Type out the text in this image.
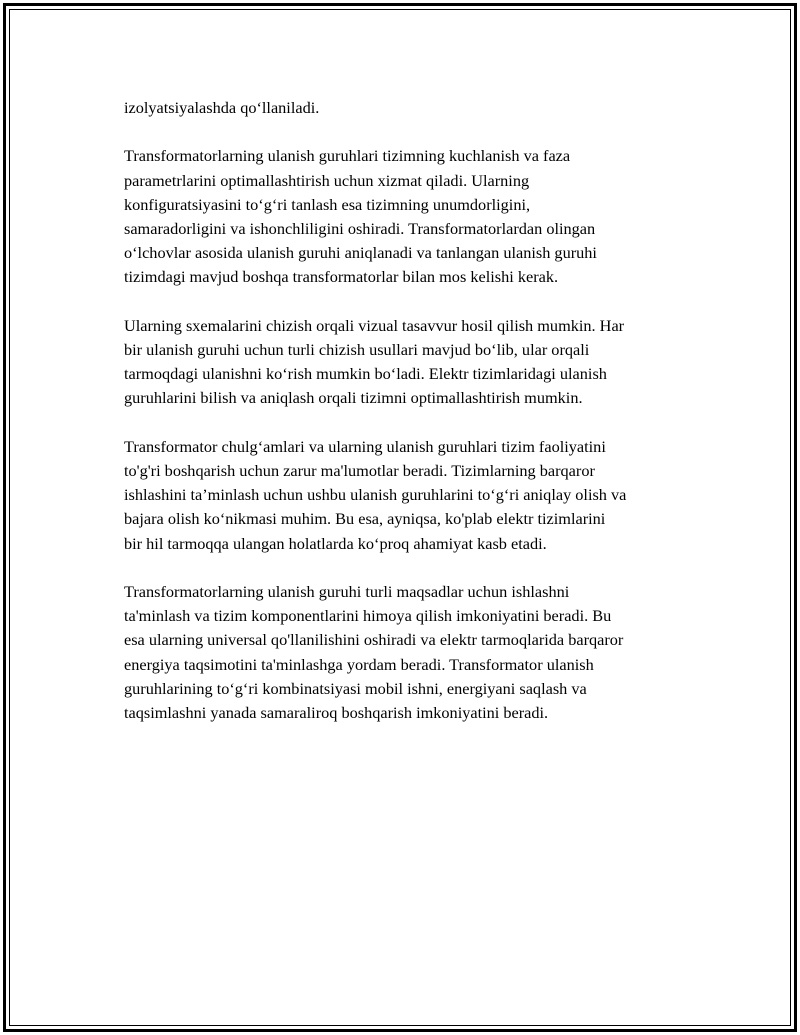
izolyatsiyalashda qo‘llaniladi.

Transformatorlarning ulanish guruhlari tizimning kuchlanish va faza
parametrlarini optimallashtirish uchun xizmat qiladi. Ularning
konfiguratsiyasini to‘g‘ri tanlash esa tizimning unumdorligini,
samaradorligini va ishonchliligini oshiradi. Transformatorlardan olingan
o‘lchovlar asosida ulanish guruhi aniqlanadi va tanlangan ulanish guruhi
tizimdagi mavjud boshqa transformatorlar bilan mos kelishi kerak.

Ularning sxemalarini chizish orqali vizual tasavvur hosil qilish mumkin. Har
bir ulanish guruhi uchun turli chizish usullari mavjud bo‘lib, ular orqali
tarmoqdagi ulanishni ko‘rish mumkin bo‘ladi. Elektr tizimlaridagi ulanish
guruhlarini bilish va aniqlash orqali tizimni optimallashtirish mumkin.

Transformator chulg‘amlari va ularning ulanish guruhlari tizim faoliyatini
to'g'ri boshqarish uchun zarur ma'lumotlar beradi. Tizimlarning barqaror
ishlashini ta’minlash uchun ushbu ulanish guruhlarini to‘g‘ri aniqlay olish va
bajara olish ko‘nikmasi muhim. Bu esa, ayniqsa, ko'plab elektr tizimlarini
bir hil tarmoqqa ulangan holatlarda ko‘proq ahamiyat kasb etadi.

Transformatorlarning ulanish guruhi turli maqsadlar uchun ishlashni
ta'minlash va tizim komponentlarini himoya qilish imkoniyatini beradi. Bu
esa ularning universal qo'llanilishini oshiradi va elektr tarmoqlarida barqaror
energiya taqsimotini ta'minlashga yordam beradi. Transformator ulanish
guruhlarining to‘g‘ri kombinatsiyasi mobil ishni, energiyani saqlash va
taqsimlashni yanada samaraliroq boshqarish imkoniyatini beradi.
